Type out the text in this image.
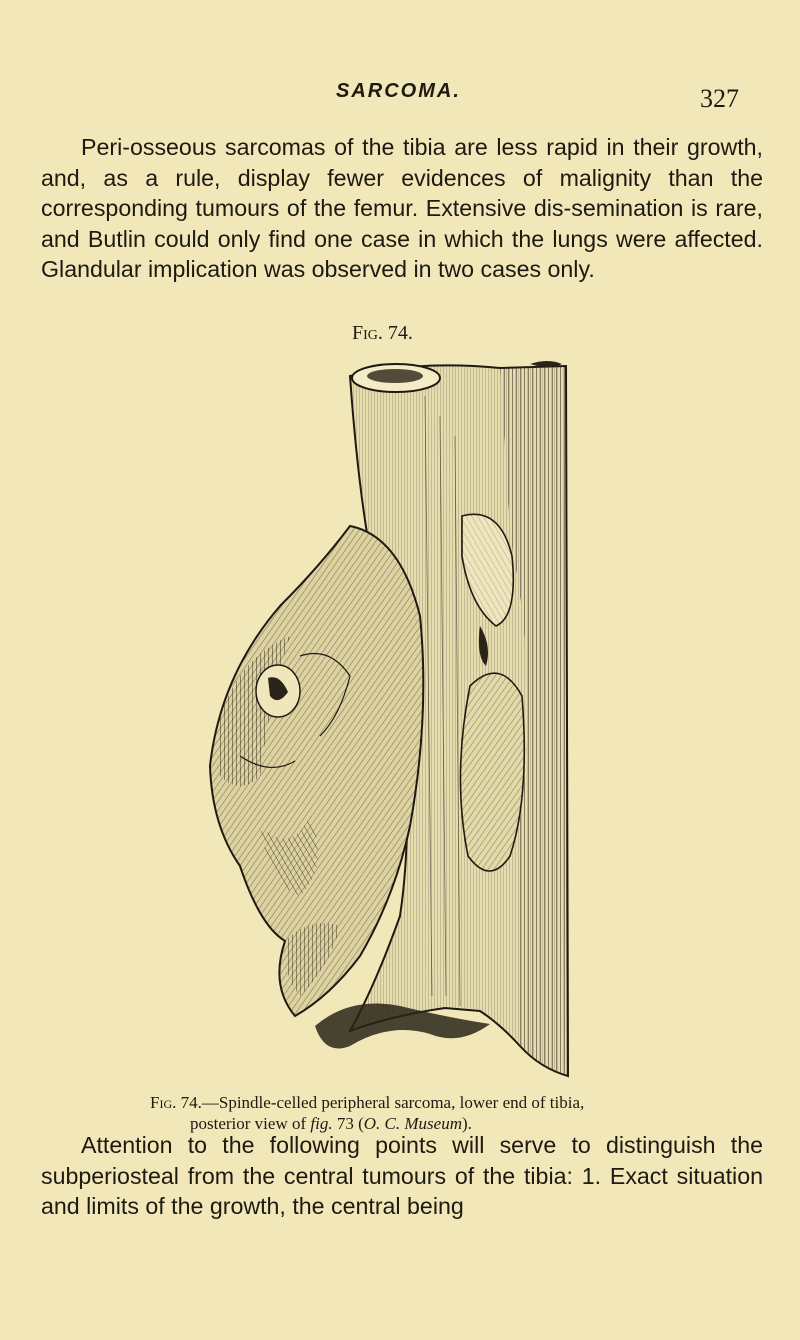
SARCOMA.	327

Peri-osseous sarcomas of the tibia are less rapid in their growth, and, as a rule, display fewer evidences of malignity than the corresponding tumours of the femur. Extensive dis-semination is rare, and Butlin could only find one case in which the lungs were affected. Glandular implication was observed in two cases only.

Fig. 74.
Fig. 74.—Spindle-celled peripheral sarcoma, lower end of tibia,
posterior view of fig. 73 (O. C. Museum).

Attention to the following points will serve to distinguish the subperiosteal from the central tumours of the tibia: 1. Exact situation and limits of the growth, the central being
